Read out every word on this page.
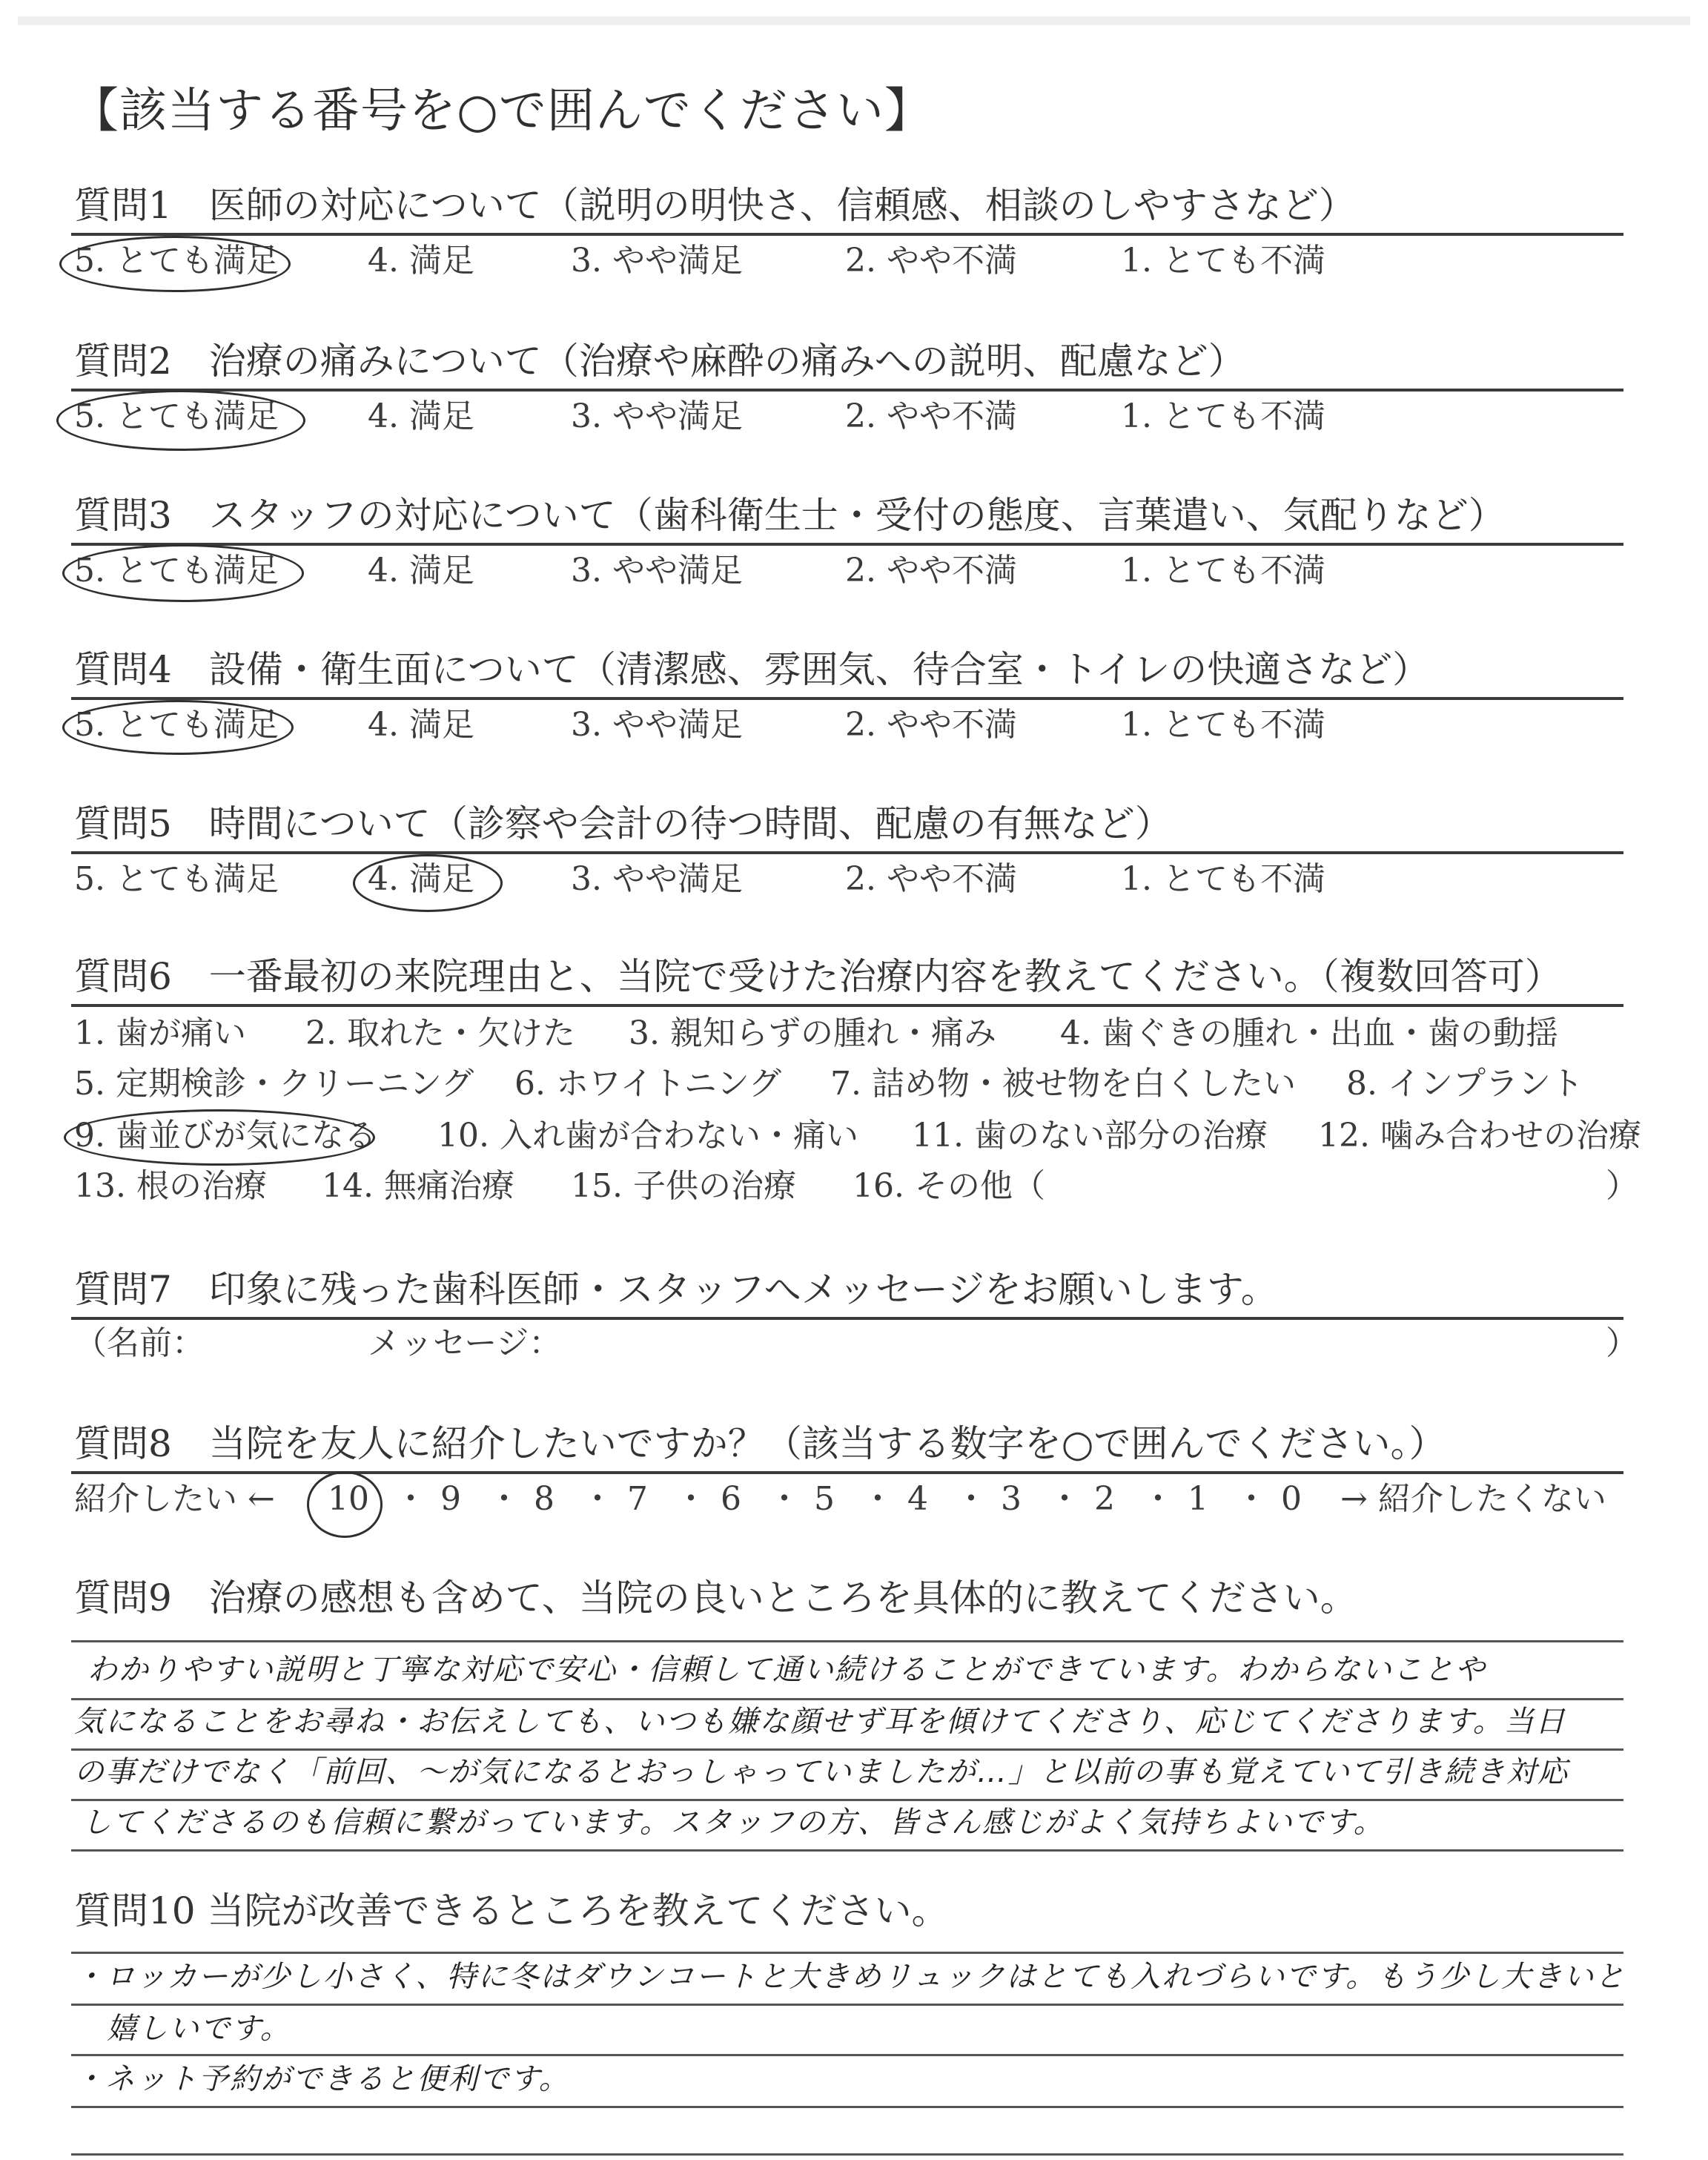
【該当する番号を○で囲んでください】
質問1　医師の対応について（説明の明快さ、信頼感、相談のしやすさなど）
5. とても満足	4. 満足	3. やや満足	2. やや不満	1. とても不満
質問2　治療の痛みについて（治療や麻酔の痛みへの説明、配慮など）
5. とても満足	4. 満足	3. やや満足	2. やや不満	1. とても不満
質問3　スタッフの対応について（歯科衛生士・受付の態度、言葉遣い、気配りなど）
5. とても満足	4. 満足	3. やや満足	2. やや不満	1. とても不満
質問4　設備・衛生面について（清潔感、雰囲気、待合室・トイレの快適さなど）
5. とても満足	4. 満足	3. やや満足	2. やや不満	1. とても不満
質問5　時間について（診察や会計の待つ時間、配慮の有無など）
5. とても満足	4. 満足	3. やや満足	2. やや不満	1. とても不満
質問6　一番最初の来院理由と、当院で受けた治療内容を教えてください。（複数回答可）
1. 歯が痛い 2. 取れた・欠けた 3. 親知らずの腫れ・痛み 4. 歯ぐきの腫れ・出血・歯の動揺
5. 定期検診・クリーニング 6. ホワイトニング 7. 詰め物・被せ物を白くしたい 8. インプラント
9. 歯並びが気になる 10. 入れ歯が合わない・痛い 11. 歯のない部分の治療 12. 噛み合わせの治療
13. 根の治療 14. 無痛治療 15. 子供の治療 16. その他（	）
質問7　印象に残った歯科医師・スタッフへメッセージをお願いします。
（名前：	メッセージ：	）
質問8　当院を友人に紹介したいですか？（該当する数字を○で囲んでください。）
紹介したい ← 10 ・ 9 ・ 8 ・ 7 ・ 6 ・ 5 ・ 4 ・ 3 ・ 2 ・ 1 ・ 0 → 紹介したくない
質問9　治療の感想も含めて、当院の良いところを具体的に教えてください。
わかりやすい説明と丁寧な対応で安心・信頼して通い続けることができています。わからないことや
気になることをお尋ね・お伝えしても、いつも嫌な顔せず耳を傾けてくださり、応じてくださります。当日
の事だけでなく「前回、〜が気になるとおっしゃっていましたが…」と以前の事も覚えていて引き続き対応
してくださるのも信頼に繋がっています。スタッフの方、皆さん感じがよく気持ちよいです。
質問10 当院が改善できるところを教えてください。
・ロッカーが少し小さく、特に冬はダウンコートと大きめリュックはとても入れづらいです。もう少し大きいと
嬉しいです。
・ネット予約ができると便利です。
